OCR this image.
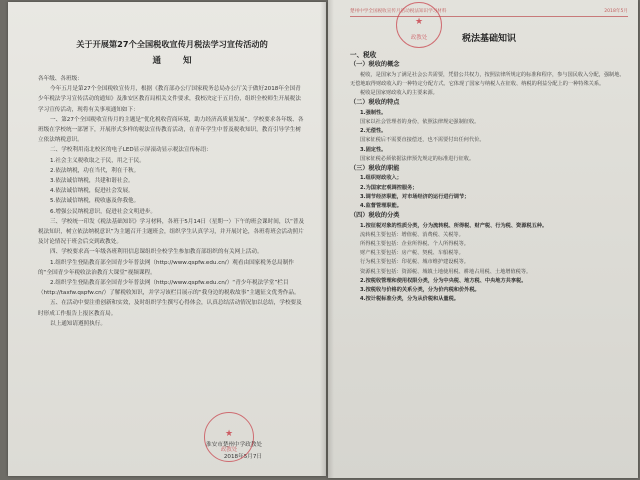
关于开展第27个全国税收宣传月税法学习宣传活动的
通知
各年级、各班级：
今年五月是第27个全国税收宣传月，根据《教育部办公厅国家税务总局办公厅关于做好2018年全国青少年税法学习宣传活动的通知》及淮安区教育局相关文件要求，我校决定于五月份，组织全校师生开展税法学习宣传活动，现将有关事项通知如下：
一、第27个全国税收宣传月的主题是“优化税收营商环境，助力经济高质量发展”。学校要求各年级、各班级在学校统一部署下，开展形式多样的税法宣传教育活动，在青年学生中普及税收知识，教育引导学生树立依法纳税意识。
二、学校利用南北校区的电子LED显示屏滚动显示税法宣传标语：
1.社会主义税收取之于民，用之于民。
2.依法纳税，功在当代，利在千秋。
3.依法诚信纳税，共建和谐社会。
4.依法诚信纳税，促进社会发展。
5.依法诚信纳税，税收惠及你我他。
6.增强公民纳税意识，促进社会文明进步。
三、学校统一印发《税法基础知识》学习材料，各班于5月14日（星期一）下午的班会课时间，以“普及税法知识，树立依法纳税意识”为主题召开主题班会，组织学生认真学习，并开展讨论，各班将班会活动照片及讨论情况于班会后交到政教处。
四、学校要求高一年级各班利用信息课组织全校学生参加教育部组织的有关网上活动。
1.组织学生登陆教育部全国青少年普法网（http://www.qspfw.edu.cn/）观看由国家税务总局制作的“全国青少年税收法治教育大课堂”视频课程。
2.组织学生登陆教育部全国青少年普法网（http://www.qspfw.edu.cn/）“青少年税法学堂”栏目（http://taxfw.qspfw.cn/）了解税收知识，并学习该栏目展示的“我身边的税收故事”主题征文优秀作品。
五、在活动中要注重创新和实效，及时组织学生撰写心得体会，认真总结活动情况加以总结，学校要及时形成工作报告上报区教育局。
以上通知请遵照执行。
淮安市楚州中学政教处
2018年5月7日
★
政教处
楚州中学全国税收宣传月活动税法知识学习材料	2018年5月
★
政教处	税法基础知识
一、税收
（一）税收的概念
税收，是国家为了满足社会公共需要，凭借公共权力，按照法律所规定的标准和程序，参与国民收入分配，强制地、无偿地取得财政收入的一种特定分配方式。它体现了国家与纳税人在征收、纳税的利益分配上的一种特殊关系。
税收是国家财政收入的主要来源。
（二）税收的特点
1.强制性。
国家以社会管理者的身份，依照法律规定强制征收。
2.无偿性。
国家征税后不需要直接偿还，也不需要付出任何代价。
3.固定性。
国家征税必须依据法律预先规定的标准进行征收。
（三）税收的职能
1.组织财政收入；
2.为国家宏观调控服务；
3.调节经济职能，对市场经济的运行进行调节；
4.监督管理职能。
（四）税收的分类
1.按征税对象的性质分类，分为流转税、所得税、财产税、行为税、资源税五种。
流转税主要包括：增值税、消费税、关税等。
所得税主要包括：企业所得税、个人所得税等。
财产税主要包括：房产税、契税、车船税等。
行为税主要包括：印花税、城市维护建设税等。
资源税主要包括：资源税、城镇土地使用税、耕地占用税、土地增值税等。
2.按税收管理和使用权限分类，分为中央税、地方税、中央地方共享税。
3.按税收与价格的关系分类，分为价内税和价外税。
4.按计税标准分类，分为从价税和从量税。
